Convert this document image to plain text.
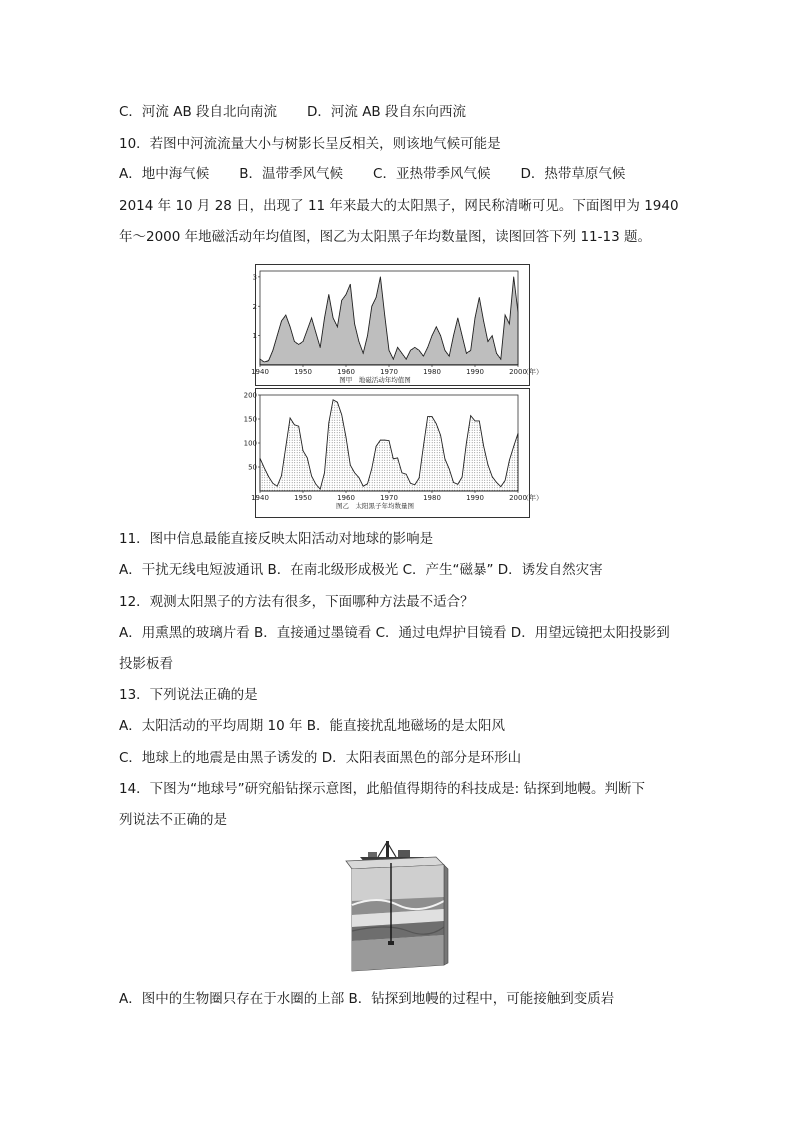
C．河流 AB 段自北向南流 D．河流 AB 段自东向西流
10．若图中河流流量大小与树影长呈反相关，则该地气候可能是
A．地中海气候 B．温带季风气候 C．亚热带季风气候 D．热带草原气候
2014 年 10 月 28 日，出现了 11 年来最大的太阳黑子，网民称清晰可见。下面图甲为 1940
年～2000 年地磁活动年均值图，图乙为太阳黑子年均数量图，读图回答下列 11-13 题。
1940	1950	1960	1970	1980	1990	2000
（年）
1
2
3
图甲　地磁活动年均值图
1940	1950	1960	1970	1980	1990	2000
（年）
50
100
150
200
图乙　太阳黑子年均数量图
11．图中信息最能直接反映太阳活动对地球的影响是
A．干扰无线电短波通讯 B．在南北级形成极光 C．产生“磁暴” D．诱发自然灾害
12．观测太阳黑子的方法有很多，下面哪种方法最不适合？
A．用熏黑的玻璃片看 B．直接通过墨镜看 C．通过电焊护目镜看 D．用望远镜把太阳投影到
投影板看
13．下列说法正确的是
A．太阳活动的平均周期 10 年 B．能直接扰乱地磁场的是太阳风
C．地球上的地震是由黑子诱发的 D．太阳表面黑色的部分是环形山
14．下图为“地球号”研究船钻探示意图，此船值得期待的科技成是: 钻探到地幔。判断下
列说法不正确的是
A．图中的生物圈只存在于水圈的上部 B．钻探到地幔的过程中，可能接触到变质岩
